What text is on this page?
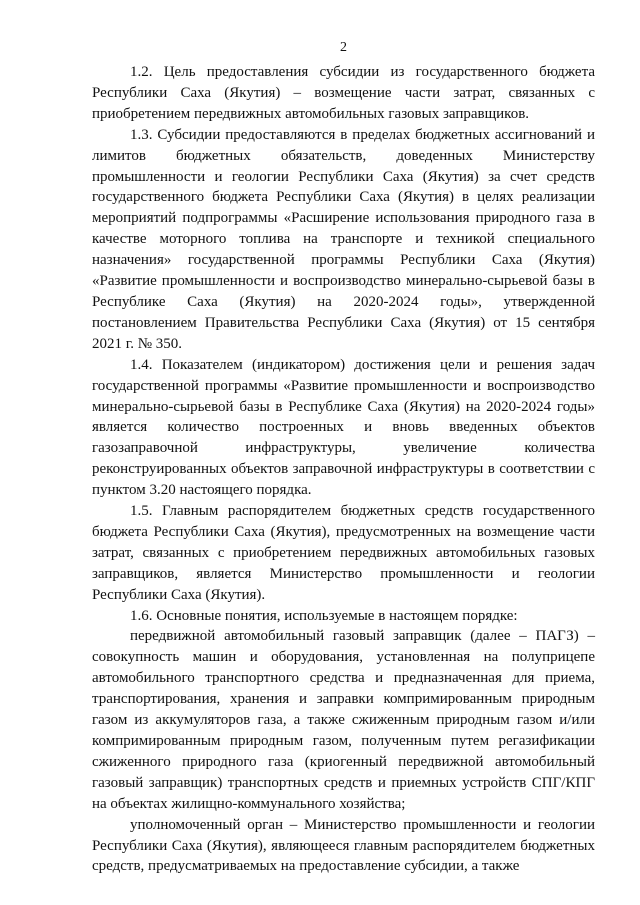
2

1.2. Цель предоставления субсидии из государственного бюджета Республики Саха (Якутия) – возмещение части затрат, связанных с приобретением передвижных автомобильных газовых заправщиков.

1.3. Субсидии предоставляются в пределах бюджетных ассигнований и лимитов бюджетных обязательств, доведенных Министерству промышленности и геологии Республики Саха (Якутия) за счет средств государственного бюджета Республики Саха (Якутия) в целях реализации мероприятий подпрограммы «Расширение использования природного газа в качестве моторного топлива на транспорте и техникой специального назначения» государственной программы Республики Саха (Якутия) «Развитие промышленности и воспроизводство минерально-сырьевой базы в Республике Саха (Якутия) на 2020-2024 годы», утвержденной постановлением Правительства Республики Саха (Якутия) от 15 сентября 2021 г. № 350.

1.4. Показателем (индикатором) достижения цели и решения задач государственной программы «Развитие промышленности и воспроизводство минерально-сырьевой базы в Республике Саха (Якутия) на 2020-2024 годы» является количество построенных и вновь введенных объектов газозаправочной инфраструктуры, увеличение количества реконструированных объектов заправочной инфраструктуры в соответствии с пунктом 3.20 настоящего порядка.

1.5. Главным распорядителем бюджетных средств государственного бюджета Республики Саха (Якутия), предусмотренных на возмещение части затрат, связанных с приобретением передвижных автомобильных газовых заправщиков, является Министерство промышленности и геологии Республики Саха (Якутия).

1.6. Основные понятия, используемые в настоящем порядке:

передвижной автомобильный газовый заправщик (далее – ПАГЗ) – совокупность машин и оборудования, установленная на полуприцепе автомобильного транспортного средства и предназначенная для приема, транспортирования, хранения и заправки компримированным природным газом из аккумуляторов газа, а также сжиженным природным газом и/или компримированным природным газом, полученным путем регазификации сжиженного природного газа (криогенный передвижной автомобильный газовый заправщик) транспортных средств и приемных устройств СПГ/КПГ на объектах жилищно-коммунального хозяйства;

уполномоченный орган – Министерство промышленности и геологии Республики Саха (Якутия), являющееся главным распорядителем бюджетных средств, предусматриваемых на предоставление субсидии, а также
